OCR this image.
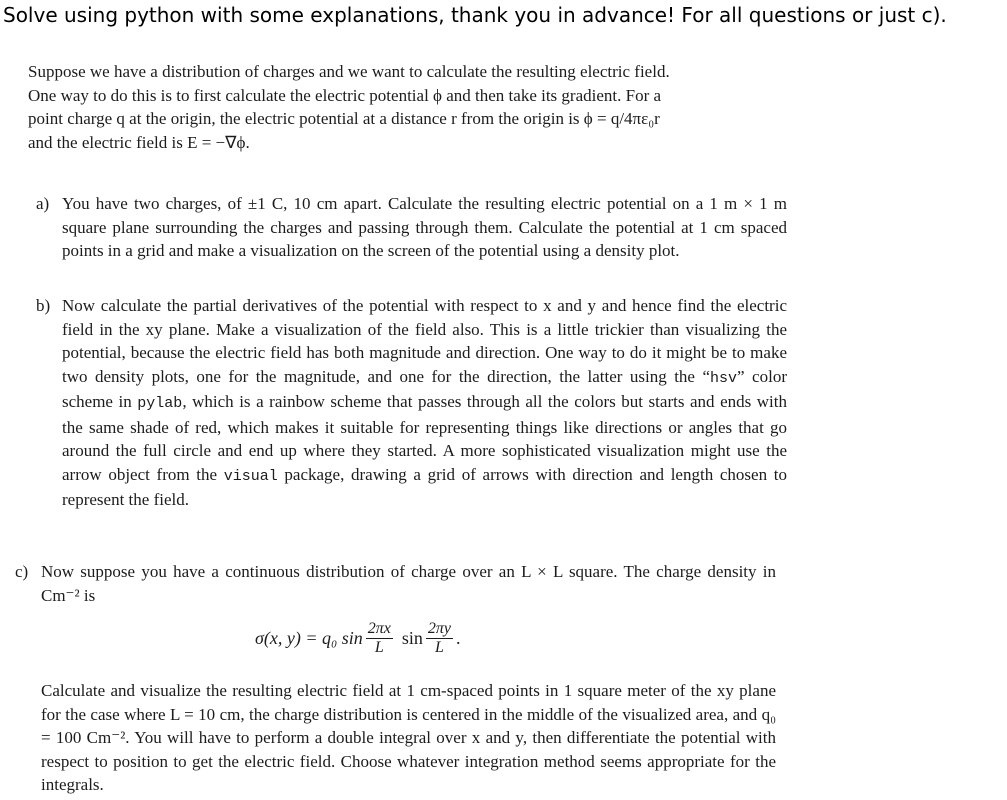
Solve using python with some explanations, thank you in advance! For all questions or just c).
Suppose we have a distribution of charges and we want to calculate the resulting electric field.
One way to do this is to first calculate the electric potential ϕ and then take its gradient. For a
point charge q at the origin, the electric potential at a distance r from the origin is ϕ = q/4πε₀r
and the electric field is E = −∇ϕ.
a) You have two charges, of ±1 C, 10 cm apart. Calculate the resulting electric potential on a 1 m × 1 m square plane surrounding the charges and passing through them. Calculate the potential at 1 cm spaced points in a grid and make a visualization on the screen of the potential using a density plot.
b) Now calculate the partial derivatives of the potential with respect to x and y and hence find the electric field in the xy plane. Make a visualization of the field also. This is a little trickier than visualizing the potential, because the electric field has both magnitude and direction. One way to do it might be to make two density plots, one for the magnitude, and one for the direction, the latter using the “hsv” color scheme in pylab, which is a rainbow scheme that passes through all the colors but starts and ends with the same shade of red, which makes it suitable for representing things like directions or angles that go around the full circle and end up where they started. A more sophisticated visualization might use the arrow object from the visual package, drawing a grid of arrows with direction and length chosen to represent the field.
c) Now suppose you have a continuous distribution of charge over an L × L square. The charge density in Cm⁻² is
σ(x, y) = q₀ $\sin \frac{2\pi x}{L}$ $\sin \frac{2\pi y}{L}$ .
Calculate and visualize the resulting electric field at 1 cm-spaced points in 1 square meter of the xy plane for the case where L = 10 cm, the charge distribution is centered in the middle of the visualized area, and q₀ = 100 Cm⁻². You will have to perform a double integral over x and y, then differentiate the potential with respect to position to get the electric field. Choose whatever integration method seems appropriate for the integrals.
